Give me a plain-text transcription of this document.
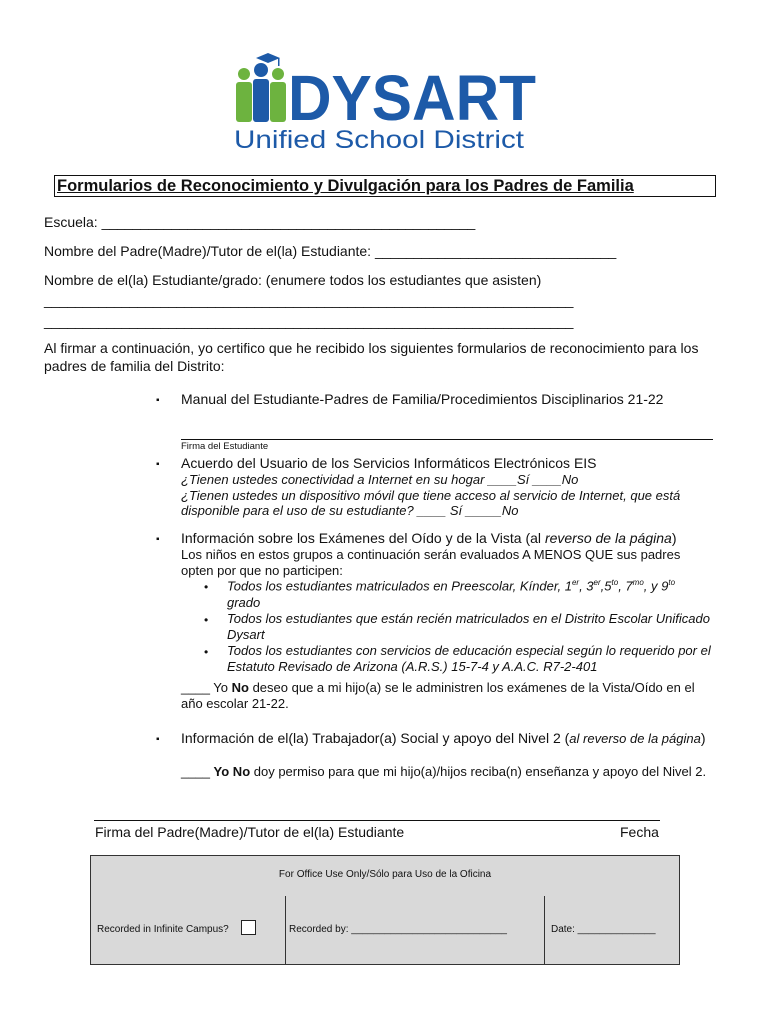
DYSART
Unified School District
Formularios de Reconocimiento y Divulgación para los Padres de Familia
Escuela: ________________________________________________
Nombre del Padre(Madre)/Tutor de el(la) Estudiante: _______________________________
Nombre de el(la) Estudiante/grado: (enumere todos los estudiantes que asisten)
____________________________________________________________________
____________________________________________________________________
Al firmar a continuación, yo certifico que he recibido los siguientes formularios de reconocimiento para los
padres de familia del Distrito:
▪ Manual del Estudiante-Padres de Familia/Procedimientos Disciplinarios 21-22
Firma del Estudiante
▪ Acuerdo del Usuario de los Servicios Informáticos Electrónicos EIS
¿Tienen ustedes conectividad a Internet en su hogar ____Sí ____No
¿Tienen ustedes un dispositivo móvil que tiene acceso al servicio de Internet, que está
disponible para el uso de su estudiante? ____ Sí _____No
▪ Información sobre los Exámenes del Oído y de la Vista (al reverso de la página)
Los niños en estos grupos a continuación serán evaluados A MENOS QUE sus padres
opten por que no participen:
• Todos los estudiantes matriculados en Preescolar, Kínder, 1er, $3er,5^{to}$, $7^{mo}$, y $9^{to}$
grado
• Todos los estudiantes que están recién matriculados en el Distrito Escolar Unificado
Dysart
• Todos los estudiantes con servicios de educación especial según lo requerido por el
Estatuto Revisado de Arizona (A.R.S.) 15-7-4 y A.A.C. R7-2-401
____ Yo No deseo que a mi hijo(a) se le administren los exámenes de la Vista/Oído en el
año escolar 21-22.
▪ Información de el(la) Trabajador(a) Social y apoyo del Nivel 2 (al reverso de la página)
____ Yo No doy permiso para que mi hijo(a)/hijos reciba(n) enseñanza y apoyo del Nivel 2.
Firma del Padre(Madre)/Tutor de el(la) Estudiante	Fecha
For Office Use Only/Sólo para Uso de la Oficina
Recorded in Infinite Campus?	Recorded by: ____________________________	Date: ______________
